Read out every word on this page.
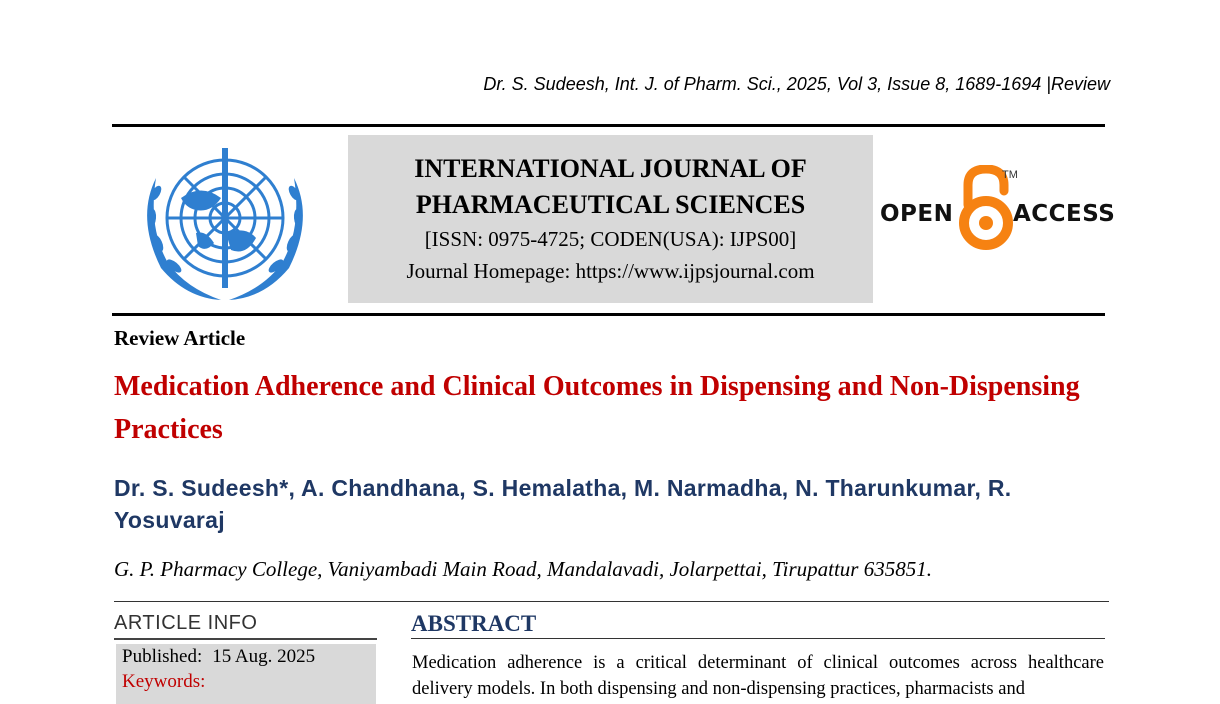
Dr. S. Sudeesh, Int. J. of Pharm. Sci., 2025, Vol 3, Issue 8, 1689-1694 |Review
INTERNATIONAL JOURNAL OF
PHARMACEUTICAL SCIENCES
[ISSN: 0975-4725; CODEN(USA): IJPS00]
Journal Homepage: https://www.ijpsjournal.com
OPEN
TM
ACCESS
Review Article
Medication Adherence and Clinical Outcomes in Dispensing and Non-Dispensing Practices
Dr. S. Sudeesh*, A. Chandhana, S. Hemalatha, M. Narmadha, N. Tharunkumar, R. Yosuvaraj
G. P. Pharmacy College, Vaniyambadi Main Road, Mandalavadi, Jolarpettai, Tirupattur 635851.
ARTICLE INFO
Published: 15 Aug. 2025
Keywords:
ABSTRACT
Medication adherence is a critical determinant of clinical outcomes across healthcare delivery models. In both dispensing and non-dispensing practices, pharmacists and
